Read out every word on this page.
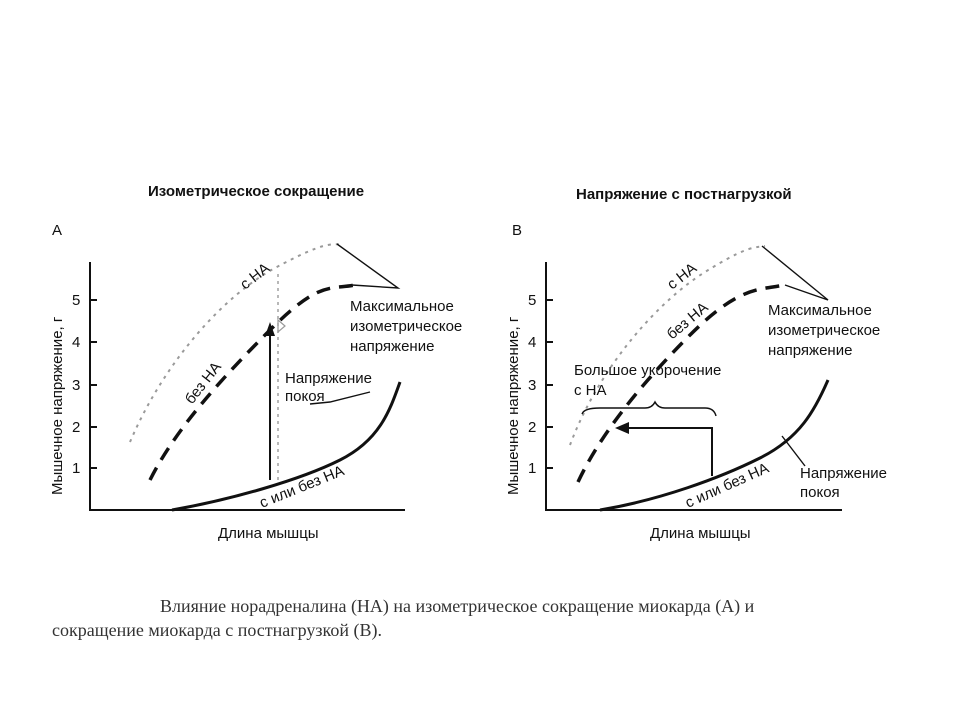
Изометрическое сокращение
A
1
2
3
4
5
Мышечное напряжение, г
Длина мышцы
с НА
без НА
Максимальное
изометрическое
напряжение
Напряжение
покоя
с или без НА
Напряжение с постнагрузкой
B
1
2
3
4
5
Мышечное напряжение, г
Длина мышцы
с НА
без НА	Максимальное
изометрическое
напряжение
Большое укорочение
с НА
Напряжение
покоя
с или без НА
Влияние норадреналина (НА) на изометрическое сокращение миокарда (А) и
сокращение миокарда с постнагрузкой (В).
